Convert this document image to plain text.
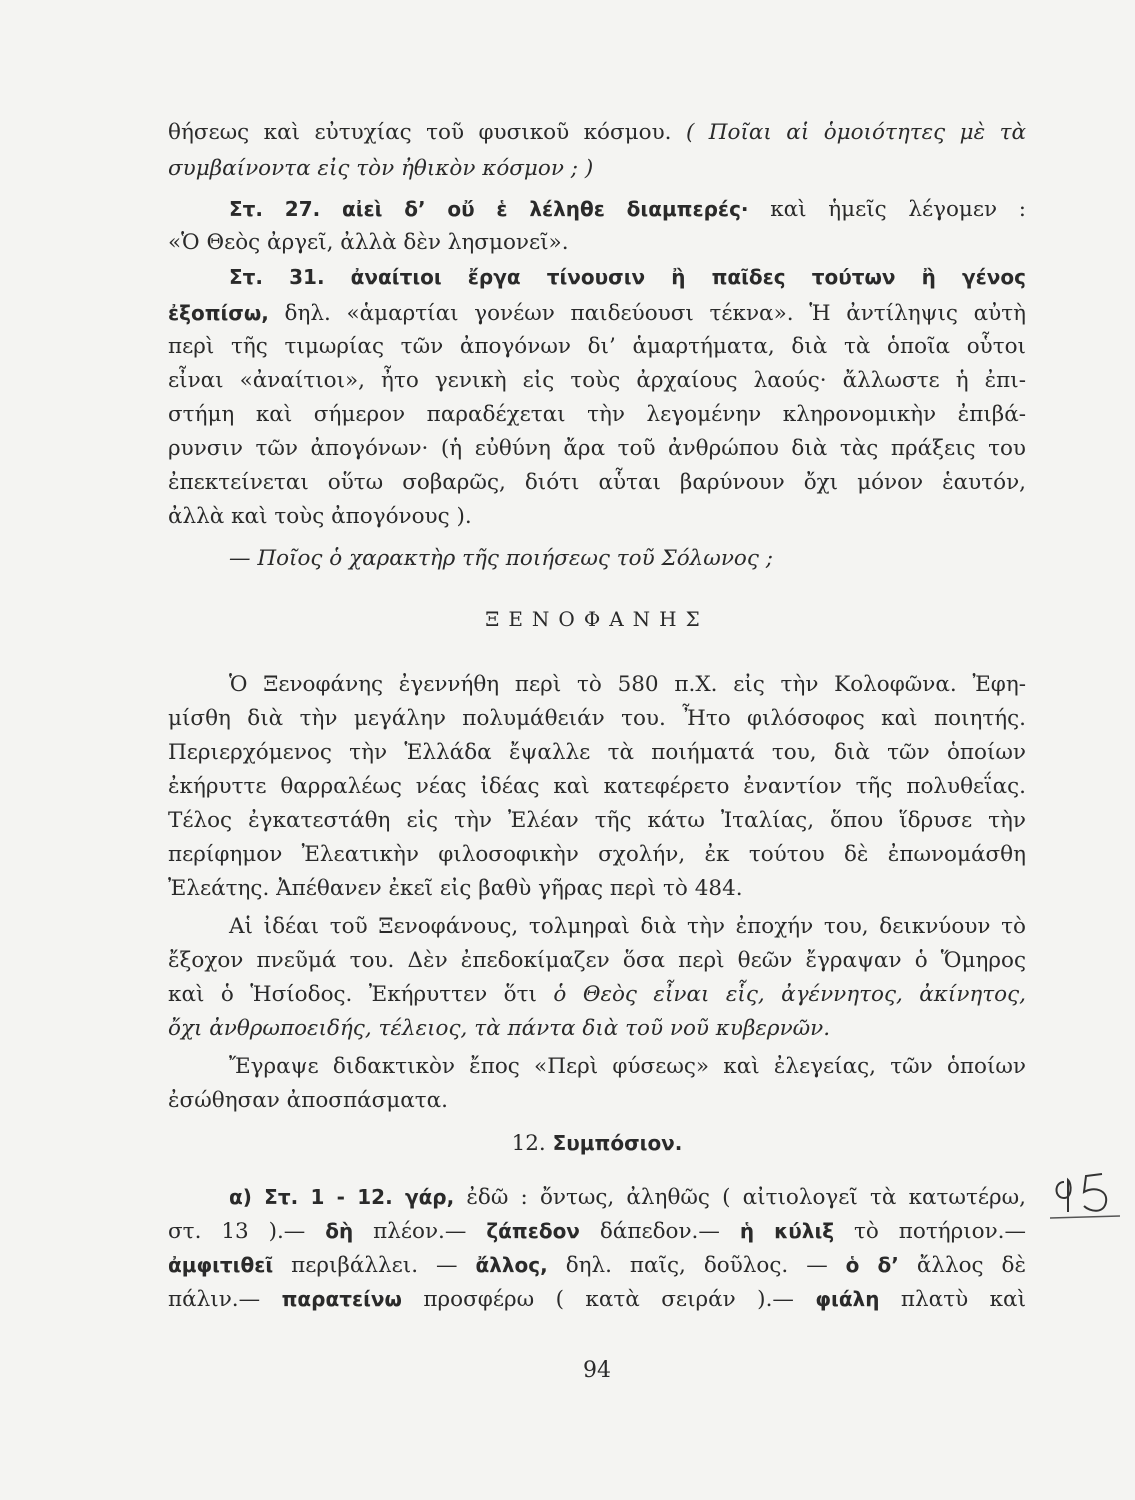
θήσεως καὶ εὐτυχίας τοῦ φυσικοῦ κόσμου. ( Ποῖαι αἱ ὁμοιότητες μὲ τὰ
συμβαίνοντα εἰς τὸν ἠθικὸν κόσμον ; )
Στ. 27. αἰεὶ δ’ οὔ ἑ λέληθε διαμπερές· καὶ ἡμεῖς λέγομεν :
«Ὁ Θεὸς ἀργεῖ, ἀλλὰ δὲν λησμονεῖ».
Στ. 31. ἀναίτιοι ἔργα τίνουσιν ἢ παῖδες τούτων ἢ γένος
ἐξοπίσω, δηλ. «ἁμαρτίαι γονέων παιδεύουσι τέκνα». Ἡ ἀντίληψις αὐτὴ
περὶ τῆς τιμωρίας τῶν ἀπογόνων δι’ ἁμαρτήματα, διὰ τὰ ὁποῖα οὗτοι
εἶναι «ἀναίτιοι», ἦτο γενικὴ εἰς τοὺς ἀρχαίους λαούς· ἄλλωστε ἡ ἐπι-
στήμη καὶ σήμερον παραδέχεται τὴν λεγομένην κληρονομικὴν ἐπιβά-
ρυνσιν τῶν ἀπογόνων· (ἡ εὐθύνη ἄρα τοῦ ἀνθρώπου διὰ τὰς πράξεις του
ἐπεκτείνεται οὕτω σοβαρῶς, διότι αὗται βαρύνουν ὄχι μόνον ἑαυτόν,
ἀλλὰ καὶ τοὺς ἀπογόνους ).
— Ποῖος ὁ χαρακτὴρ τῆς ποιήσεως τοῦ Σόλωνος ;
ΞΕΝΟΦΑΝΗΣ
Ὁ Ξενοφάνης ἐγεννήθη περὶ τὸ 580 π.Χ. εἰς τὴν Κολοφῶνα. Ἐφη-
μίσθη διὰ τὴν μεγάλην πολυμάθειάν του. Ἦτο φιλόσοφος καὶ ποιητής.
Περιερχόμενος τὴν Ἑλλάδα ἔψαλλε τὰ ποιήματά του, διὰ τῶν ὁποίων
ἐκήρυττε θαρραλέως νέας ἰδέας καὶ κατεφέρετο ἐναντίον τῆς πολυθεΐας.
Τέλος ἐγκατεστάθη εἰς τὴν Ἐλέαν τῆς κάτω Ἰταλίας, ὅπου ἵδρυσε τὴν
περίφημον Ἐλεατικὴν φιλοσοφικὴν σχολήν, ἐκ τούτου δὲ ἐπωνομάσθη
Ἐλεάτης. Ἀπέθανεν ἐκεῖ εἰς βαθὺ γῆρας περὶ τὸ 484.
Αἱ ἰδέαι τοῦ Ξενοφάνους, τολμηραὶ διὰ τὴν ἐποχήν του, δεικνύουν τὸ
ἔξοχον πνεῦμά του. Δὲν ἐπεδοκίμαζεν ὅσα περὶ θεῶν ἔγραψαν ὁ Ὅμηρος
καὶ ὁ Ἡσίοδος. Ἐκήρυττεν ὅτι ὁ Θεὸς εἶναι εἷς, ἀγέννητος, ἀκίνητος,
ὄχι ἀνθρωποειδής, τέλειος, τὰ πάντα διὰ τοῦ νοῦ κυβερνῶν.
Ἔγραψε διδακτικὸν ἔπος «Περὶ φύσεως» καὶ ἐλεγείας, τῶν ὁποίων
ἐσώθησαν ἀποσπάσματα.
12. Συμπόσιον.
α) Στ. 1 - 12. γάρ, ἐδῶ : ὄντως, ἀληθῶς ( αἰτιολογεῖ τὰ κατωτέρω,
στ. 13 ).— δὴ πλέον.— ζάπεδον δάπεδον.— ἡ κύλιξ τὸ ποτήριον.—
ἀμφιτιθεῖ περιβάλλει. — ἄλλος, δηλ. παῖς, δοῦλος. — ὁ δ’ ἄλλος δὲ
πάλιν.— παρατείνω προσφέρω ( κατὰ σειράν ).— φιάλη πλατὺ καὶ
94
